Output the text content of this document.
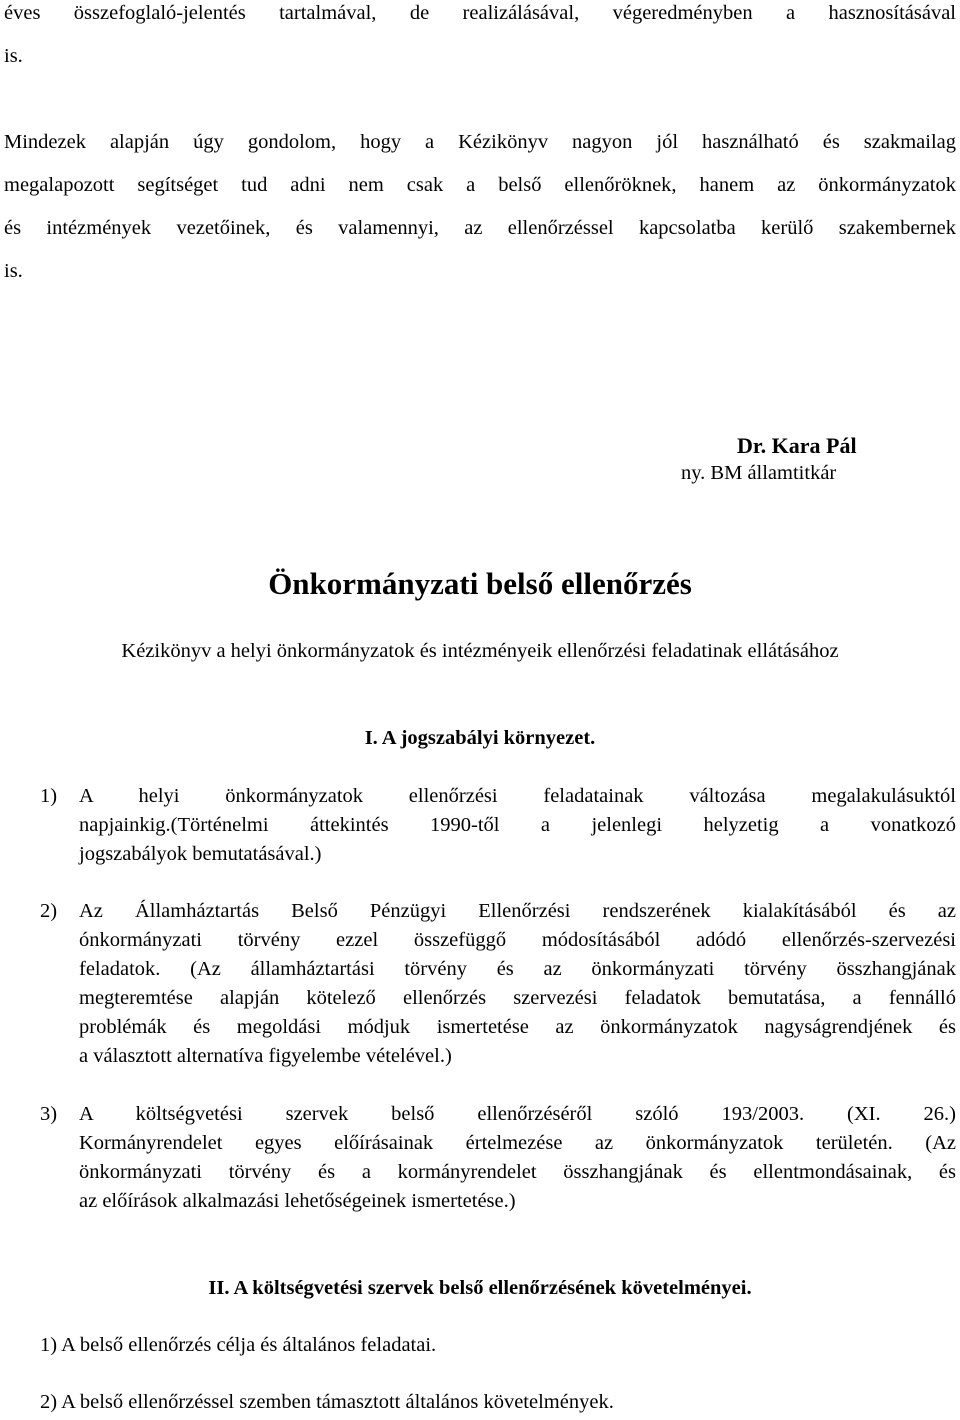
éves összefoglaló-jelentés tartalmával, de realizálásával, végeredményben a hasznosításával
is.
Mindezek alapján úgy gondolom, hogy a Kézikönyv nagyon jól használható és szakmailag
megalapozott segítséget tud adni nem csak a belső ellenőröknek, hanem az önkormányzatok
és intézmények vezetőinek, és valamennyi, az ellenőrzéssel kapcsolatba kerülő szakembernek
is.
Dr. Kara Pál
ny. BM államtitkár
Önkormányzati belső ellenőrzés
Kézikönyv a helyi önkormányzatok és intézményeik ellenőrzési feladatinak ellátásához
I. A jogszabályi környezet.
1) A helyi önkormányzatok ellenőrzési feladatainak változása megalakulásuktól
napjainkig.(Történelmi áttekintés 1990-től a jelenlegi helyzetig a vonatkozó
jogszabályok bemutatásával.)
2) Az Államháztartás Belső Pénzügyi Ellenőrzési rendszerének kialakításából és az
ónkormányzati törvény ezzel összefüggő módosításából adódó ellenőrzés-szervezési
feladatok. (Az államháztartási törvény és az önkormányzati törvény összhangjának
megteremtése alapján kötelező ellenőrzés szervezési feladatok bemutatása, a fennálló
problémák és megoldási módjuk ismertetése az önkormányzatok nagyságrendjének és
a választott alternatíva figyelembe vételével.)
3) A költségvetési szervek belső ellenőrzéséről szóló 193/2003. (XI. 26.)
Kormányrendelet egyes előírásainak értelmezése az önkormányzatok területén. (Az
önkormányzati törvény és a kormányrendelet összhangjának és ellentmondásainak, és
az előírások alkalmazási lehetőségeinek ismertetése.)
II. A költségvetési szervek belső ellenőrzésének követelményei.
1) A belső ellenőrzés célja és általános feladatai.
2) A belső ellenőrzéssel szemben támasztott általános követelmények.
